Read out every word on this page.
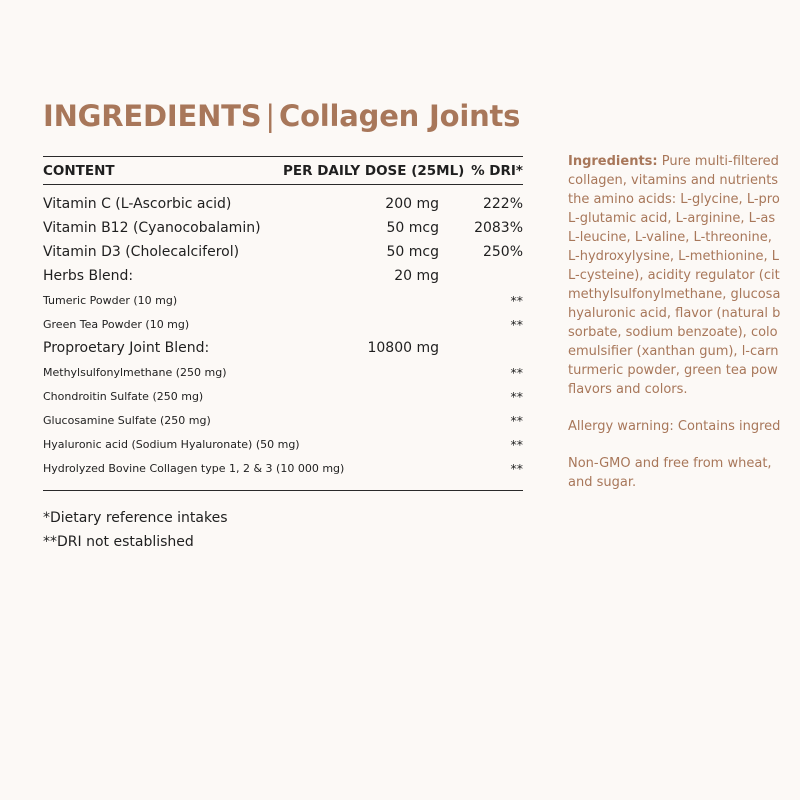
INGREDIENTS | Collagen Joints
CONTENT	PER DAILY DOSE (25ML)	% DRI*
Vitamin C (L-Ascorbic acid)	200 mg	222%
Vitamin B12 (Cyanocobalamin)	50 mcg	2083%
Vitamin D3 (Cholecalciferol)	50 mcg	250%
Herbs Blend:	20 mg	
Tumeric Powder (10 mg)		**
Green Tea Powder (10 mg)		**
Proproetary Joint Blend:	10800 mg	
Methylsulfonylmethane (250 mg)		**
Chondroitin Sulfate (250 mg)		**
Glucosamine Sulfate (250 mg)		**
Hyaluronic acid (Sodium Hyaluronate) (50 mg)		**
Hydrolyzed Bovine Collagen type 1, 2 & 3 (10 000 mg)		**
*Dietary reference intakes
**DRI not established

Ingredients: Pure multi-filtered
collagen, vitamins and nutrients
the amino acids: L-glycine, L-pro
L-glutamic acid, L-arginine, L-as
L-leucine, L-valine, L-threonine,
L-hydroxylysine, L-methionine, L
L-cysteine), acidity regulator (cit
methylsulfonylmethane, glucosa
hyaluronic acid, flavor (natural b
sorbate, sodium benzoate), colo
emulsifier (xanthan gum), l-carn
turmeric powder, green tea pow
flavors and colors.

Allergy warning: Contains ingred

Non-GMO and free from wheat,
and sugar.
